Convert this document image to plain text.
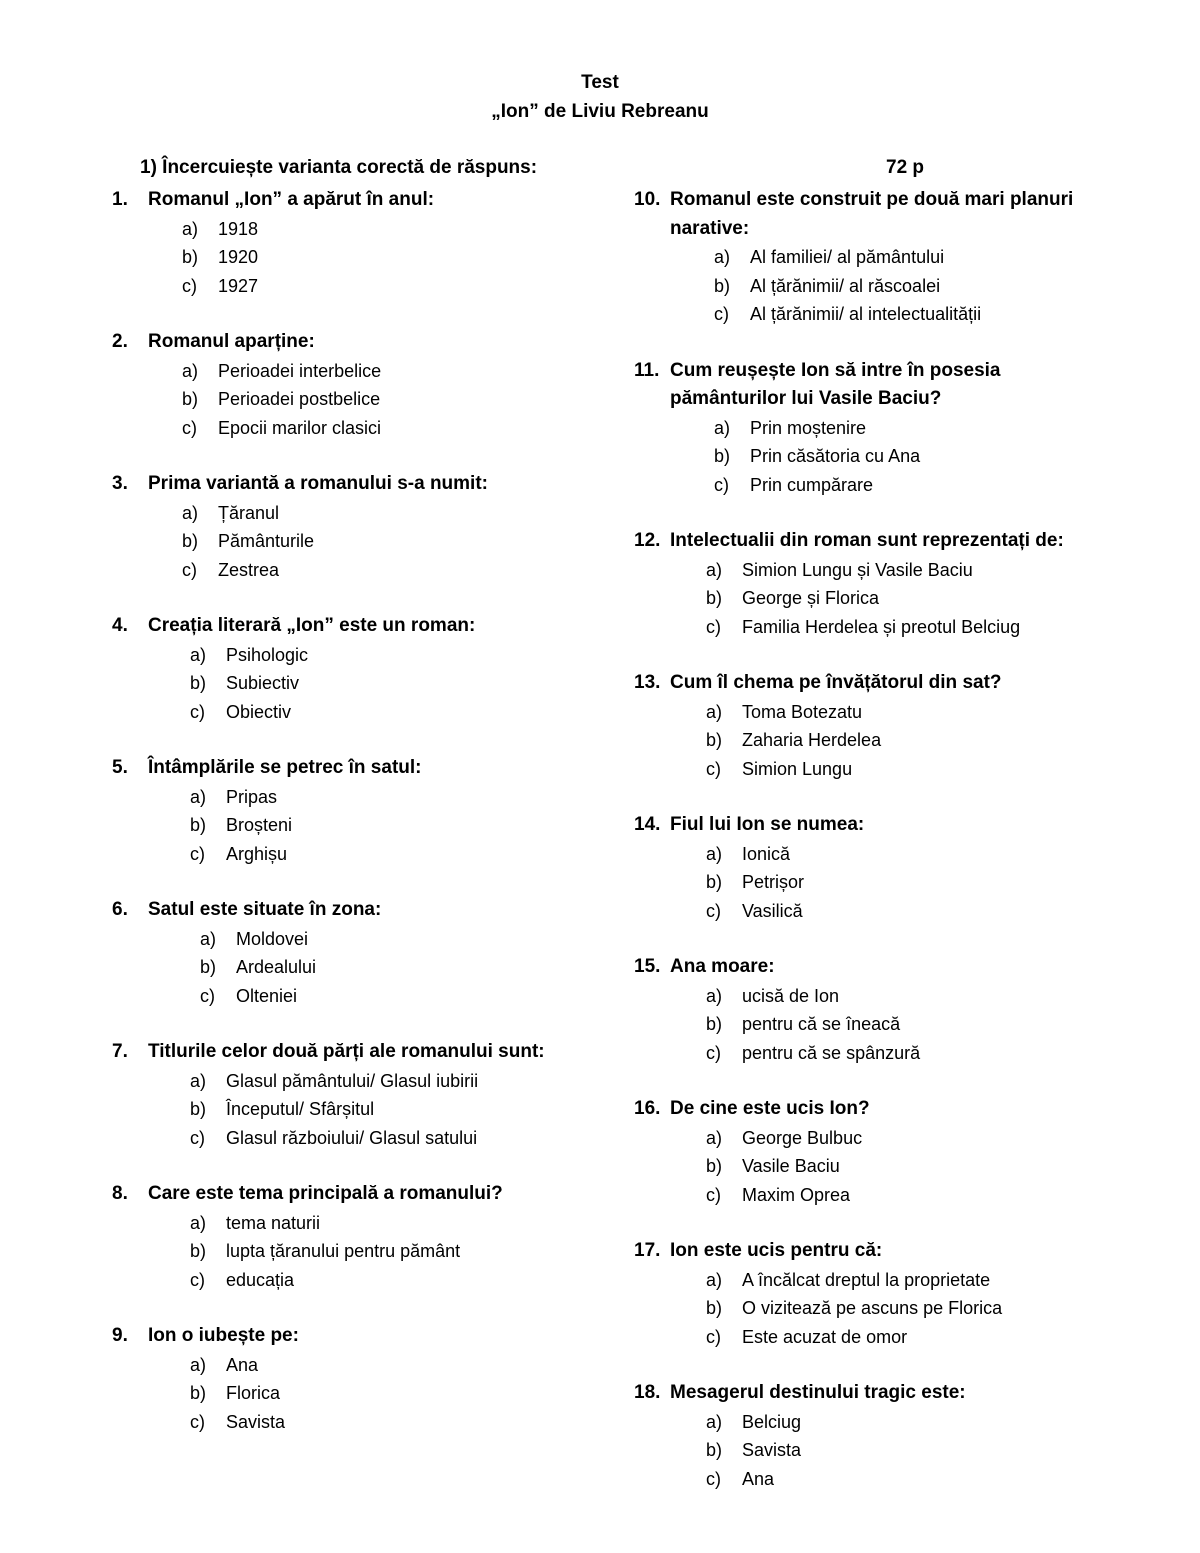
Test
„Ion” de Liviu Rebreanu
1) Încercuiește varianta corectă de răspuns:	72 p
1.	Romanul „Ion” a apărut în anul:
a)	1918
b)	1920
c)	1927
2.	Romanul aparține:
a)	Perioadei interbelice
b)	Perioadei postbelice
c)	Epocii marilor clasici
3.	Prima variantă a romanului s-a numit:
a)	Țăranul
b)	Pământurile
c)	Zestrea
4.	Creația literară „Ion” este un roman:
a)	Psihologic
b)	Subiectiv
c)	Obiectiv
5.	Întâmplările se petrec în satul:
a)	Pripas
b)	Broșteni
c)	Arghișu
6.	Satul este situate în zona:
a)	Moldovei
b)	Ardealului
c)	Olteniei
7.	Titlurile celor două părți ale romanului sunt:
a)	Glasul pământului/ Glasul iubirii
b)	Începutul/ Sfârșitul
c)	Glasul războiului/ Glasul satului
8.	Care este tema principală a romanului?
a)	tema naturii
b)	lupta țăranului pentru pământ
c)	educația
9.	Ion o iubește pe:
a)	Ana
b)	Florica
c)	Savista
10. Romanul este construit pe două mari planuri narative:
a)	Al familiei/ al pământului
b)	Al țărănimii/ al răscoalei
c)	Al țărănimii/ al intelectualității
11. Cum reușește Ion să intre în posesia pământurilor lui Vasile Baciu?
a)	Prin moștenire
b)	Prin căsătoria cu Ana
c)	Prin cumpărare
12. Intelectualii din roman sunt reprezentați de:
a)	Simion Lungu și Vasile Baciu
b)	George și Florica
c)	Familia Herdelea și preotul Belciug
13. Cum îl chema pe învățătorul din sat?
a)	Toma Botezatu
b)	Zaharia Herdelea
c)	Simion Lungu
14. Fiul lui Ion se numea:
a)	Ionică
b)	Petrișor
c)	Vasilică
15. Ana moare:
a)	ucisă de Ion
b)	pentru că se îneacă
c)	pentru că se spânzură
16. De cine este ucis Ion?
a)	George Bulbuc
b)	Vasile Baciu
c)	Maxim Oprea
17. Ion este ucis pentru că:
a)	A încălcat dreptul la proprietate
b)	O vizitează pe ascuns pe Florica
c)	Este acuzat de omor
18. Mesagerul destinului tragic este:
a)	Belciug
b)	Savista
c)	Ana
